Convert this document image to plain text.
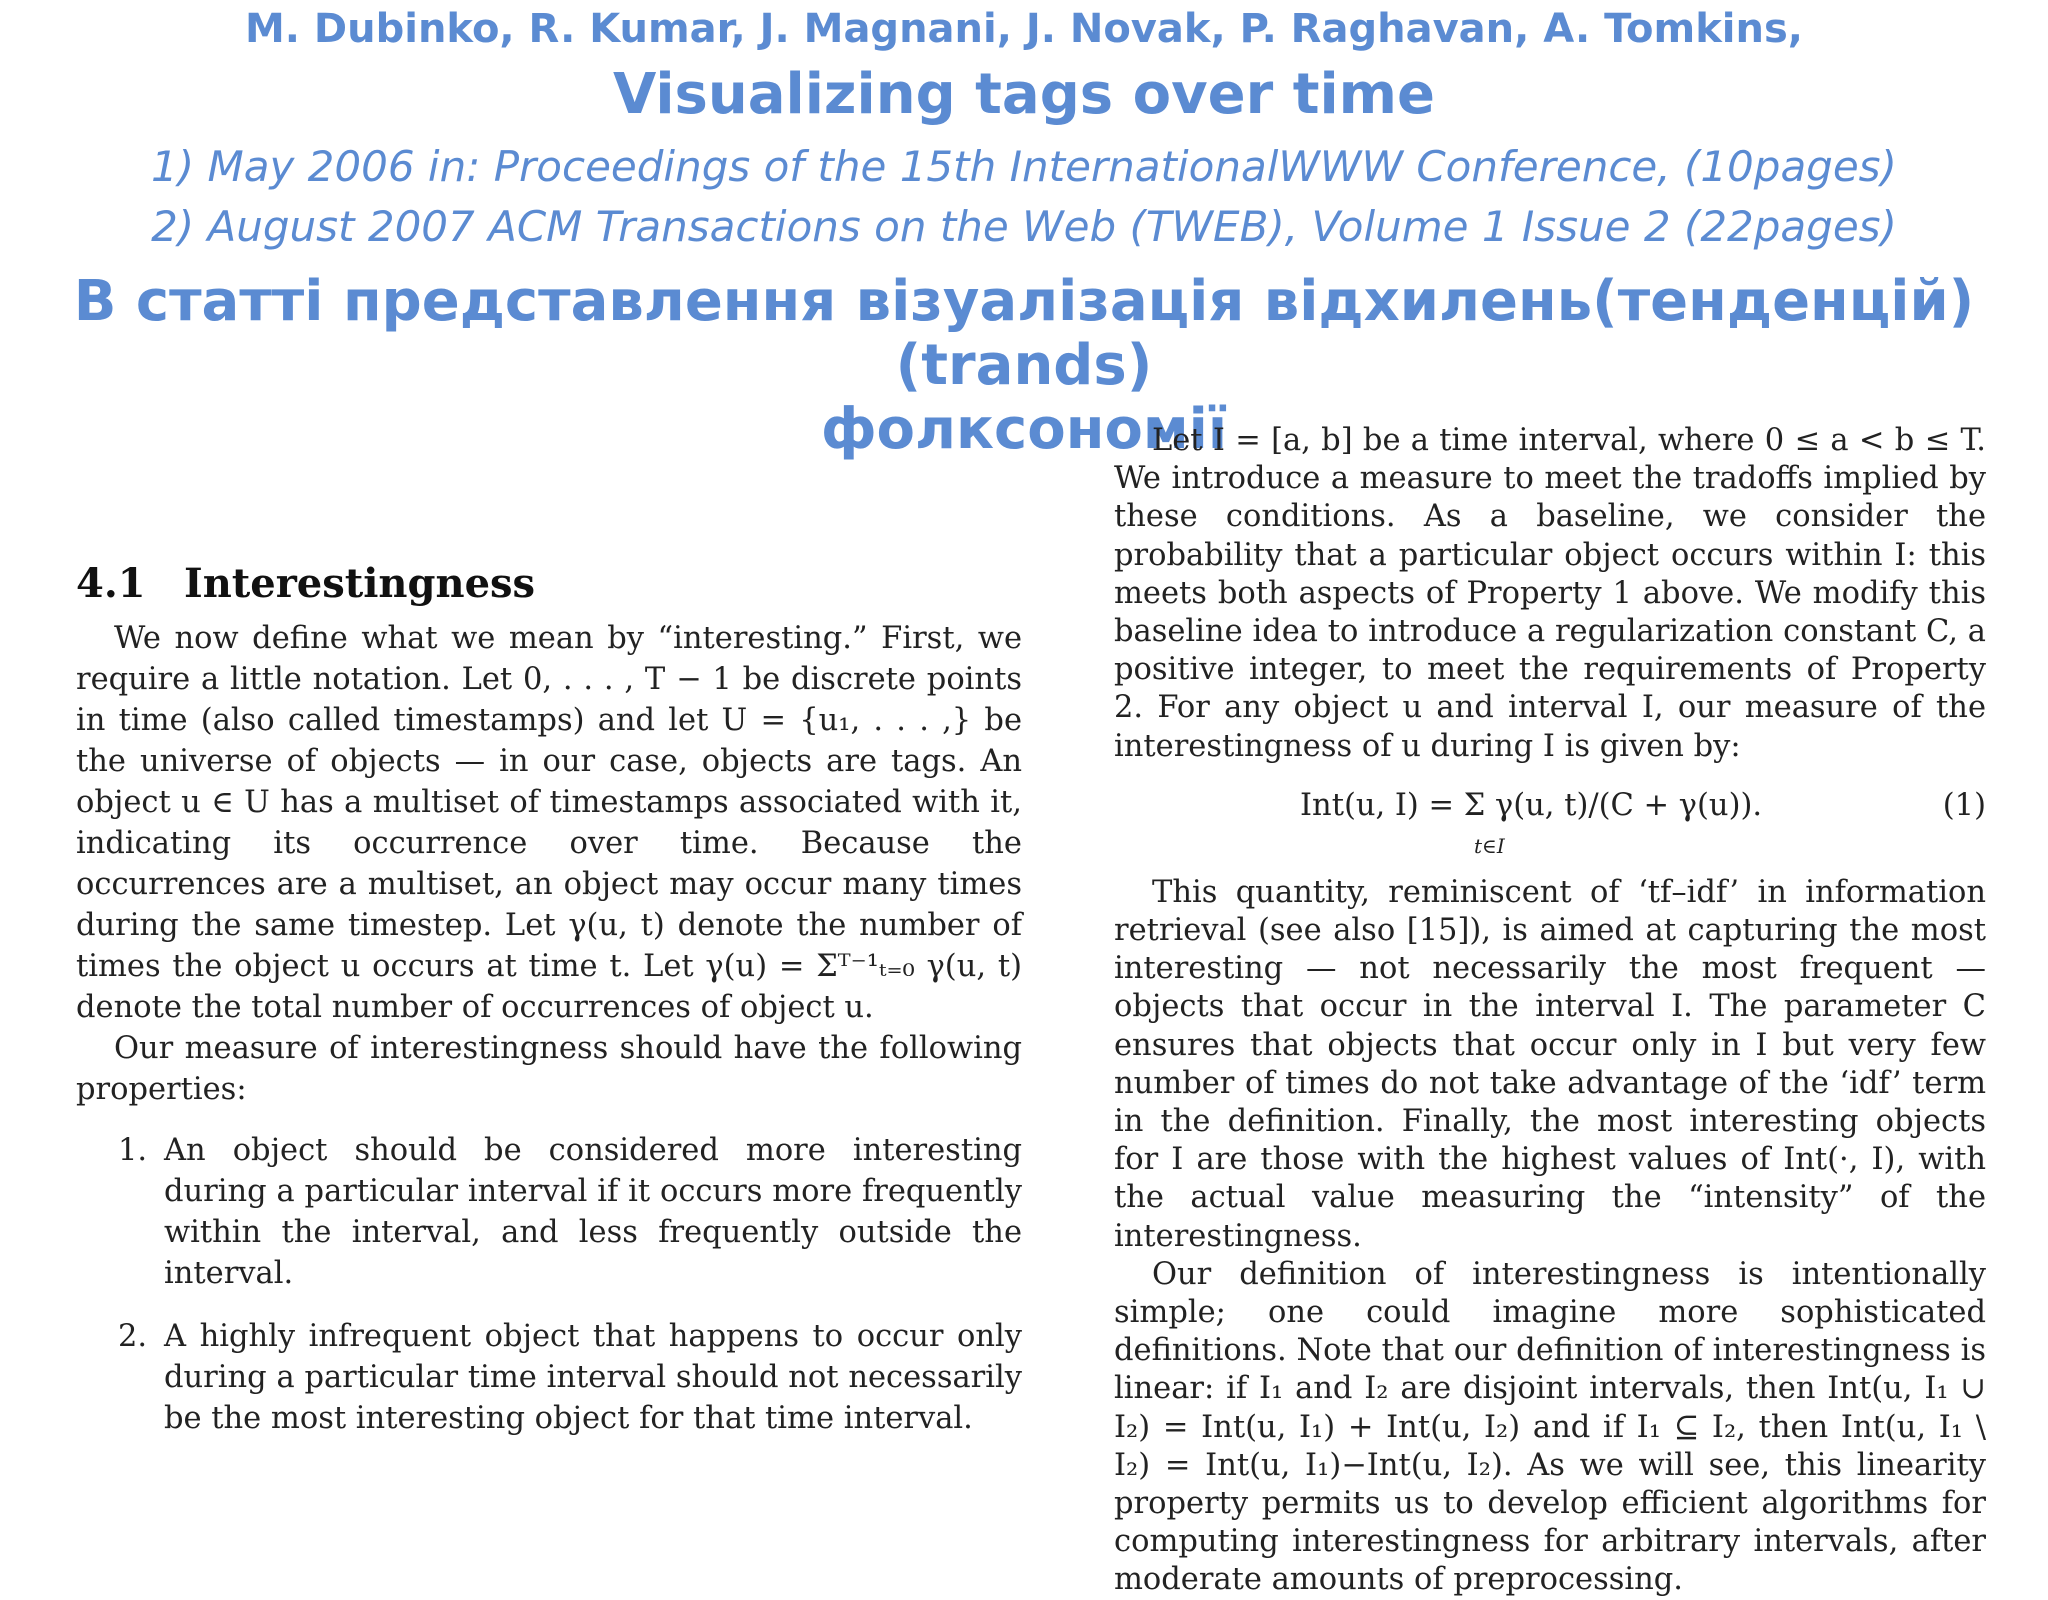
M. Dubinko, R. Kumar, J. Magnani, J. Novak, P. Raghavan, A. Tomkins,
Visualizing tags over time
1) May 2006 in: Proceedings of the 15th InternationalWWW Conference, (10pages)
2) August 2007 ACM Transactions on the Web (TWEB), Volume 1 Issue 2 (22pages)
В статті представлення візуалізація відхилень(тенденцій) (trands)
фолксономії
4.1 Interestingness

We now define what we mean by “interesting.” First, we require a little notation. Let 0, . . . , T − 1 be discrete points in time (also called timestamps) and let U = {u₁, . . . ,} be the universe of objects — in our case, objects are tags. An object u ∈ U has a multiset of timestamps associated with it, indicating its occurrence over time. Because the occurrences are a multiset, an object may occur many times during the same timestep. Let γ(u, t) denote the number of times the object u occurs at time t. Let γ(u) = Σᵀ⁻¹ₜ₌₀ γ(u, t) denote the total number of occurrences of object u.

Our measure of interestingness should have the following properties:

1. An object should be considered more interesting during a particular interval if it occurs more frequently within the interval, and less frequently outside the interval.
2. A highly infrequent object that happens to occur only during a particular time interval should not necessarily be the most interesting object for that time interval.

Let I = [a, b] be a time interval, where 0 ≤ a < b ≤ T. We introduce a measure to meet the tradoffs implied by these conditions. As a baseline, we consider the probability that a particular object occurs within I: this meets both aspects of Property 1 above. We modify this baseline idea to introduce a regularization constant C, a positive integer, to meet the requirements of Property 2. For any object u and interval I, our measure of the interestingness of u during I is given by:

Int(u, I) = Σ γ(u, t)/(C + γ(u)).
t∈I
(1)

This quantity, reminiscent of ‘tf–idf’ in information retrieval (see also [15]), is aimed at capturing the most interesting — not necessarily the most frequent — objects that occur in the interval I. The parameter C ensures that objects that occur only in I but very few number of times do not take advantage of the ‘idf’ term in the definition. Finally, the most interesting objects for I are those with the highest values of Int(·, I), with the actual value measuring the “intensity” of the interestingness.

Our definition of interestingness is intentionally simple; one could imagine more sophisticated definitions. Note that our definition of interestingness is linear: if I₁ and I₂ are disjoint intervals, then Int(u, I₁ ∪ I₂) = Int(u, I₁) + Int(u, I₂) and if I₁ ⊆ I₂, then Int(u, I₁ \ I₂) = Int(u, I₁)−Int(u, I₂). As we will see, this linearity property permits us to develop efficient algorithms for computing interestingness for arbitrary intervals, after moderate amounts of preprocessing.
